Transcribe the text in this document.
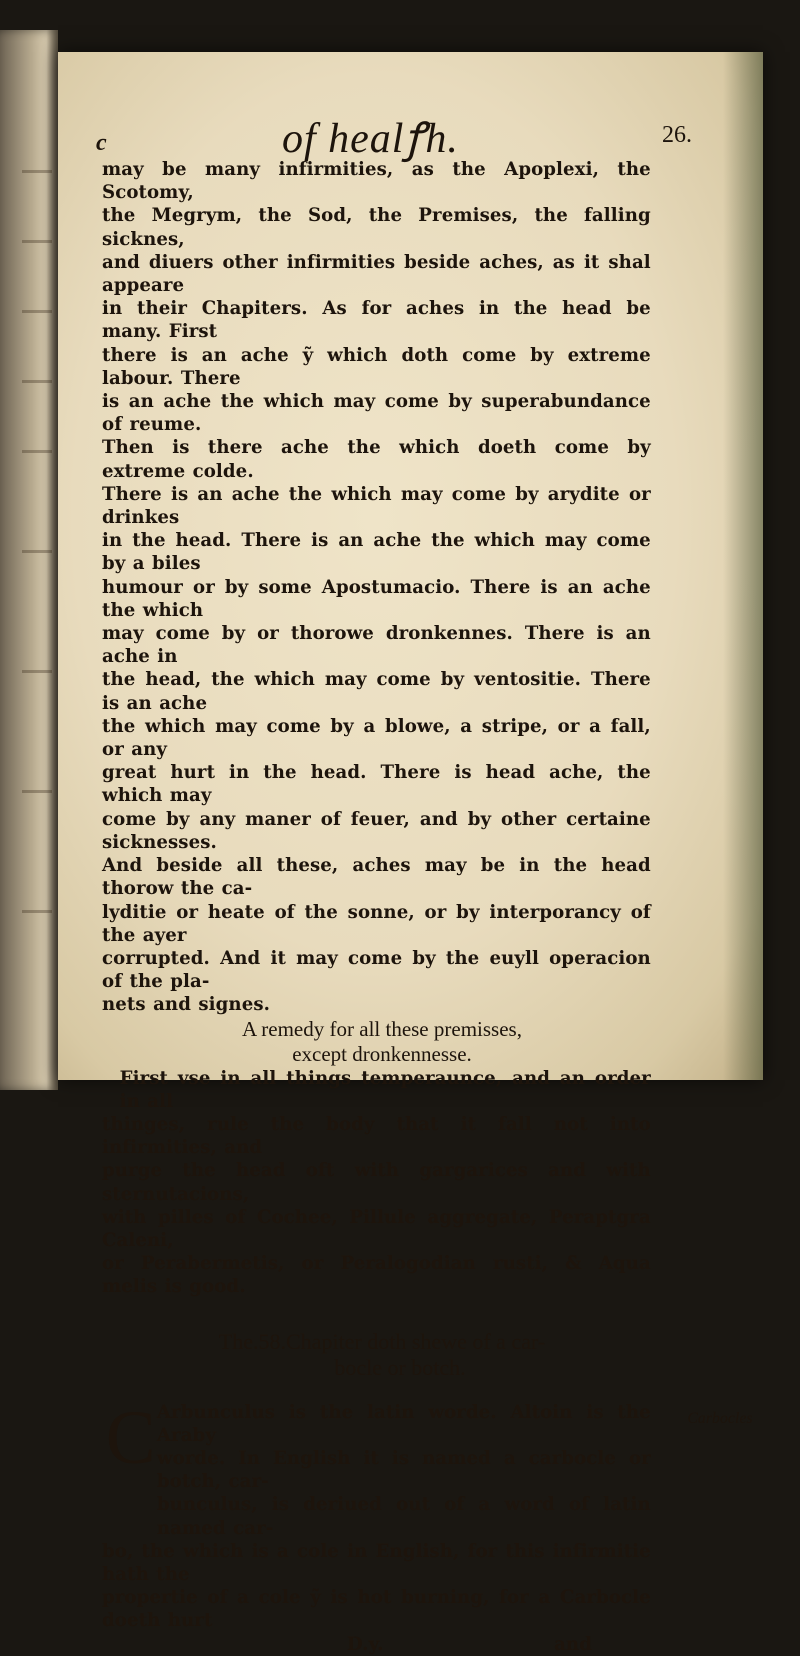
c	of healꝭh.	26.
may be many infirmities, as the Apoplexi, the Scotomy,
the Megrym, the Sod, the Premises, the falling sicknes,
and diuers other infirmities beside aches, as it shal appeare
in their Chapiters. As for aches in the head be many. First
there is an ache ỹ which doth come by extreme labour. There
is an ache the which may come by superabundance of reume.
Then is there ache the which doeth come by extreme colde.
There is an ache the which may come by arydite or drinkes
in the head. There is an ache the which may come by a biles
humour or by some Apostumacio. There is an ache the which
may come by or thorowe dronkennes. There is an ache in
the head, the which may come by ventositie. There is an ache
the which may come by a blowe, a stripe, or a fall, or any
great hurt in the head. There is head ache, the which may
come by any maner of feuer, and by other certaine sicknesses.
And beside all these, aches may be in the head thorow the ca-
lyditie or heate of the sonne, or by interporancy of the ayer
corrupted. And it may come by the euyll operacion of the pla-
nets and signes.
A remedy for all these premisses,
except dronkennesse.
First vse in all things temperaunce, and an order in all
thinges, rule the body that it fall not into infirmities, and
purge the head oft with gargarices and with sternutacions,
with pilles of Cochee, Pillule aggregate, Peraptgra Caleni,
or Perabermetis, or Peralogodian rusti, & Aqua melis is good.
The.58.Chapiter doth shewe of a car-
bocle or botch.
C	Carbocles
Arbunculus is the latin worde. Altoin is the Araby
worde. In English it is named a carbocle or botch, car-
bunculus, is deriued out of a word of latin named car-
bo, the which is a cole in English, for this infirmitie hath the
propertie of a cole ỹ is hot burning, for a Carbocle doeth hurt
D.y.	and
